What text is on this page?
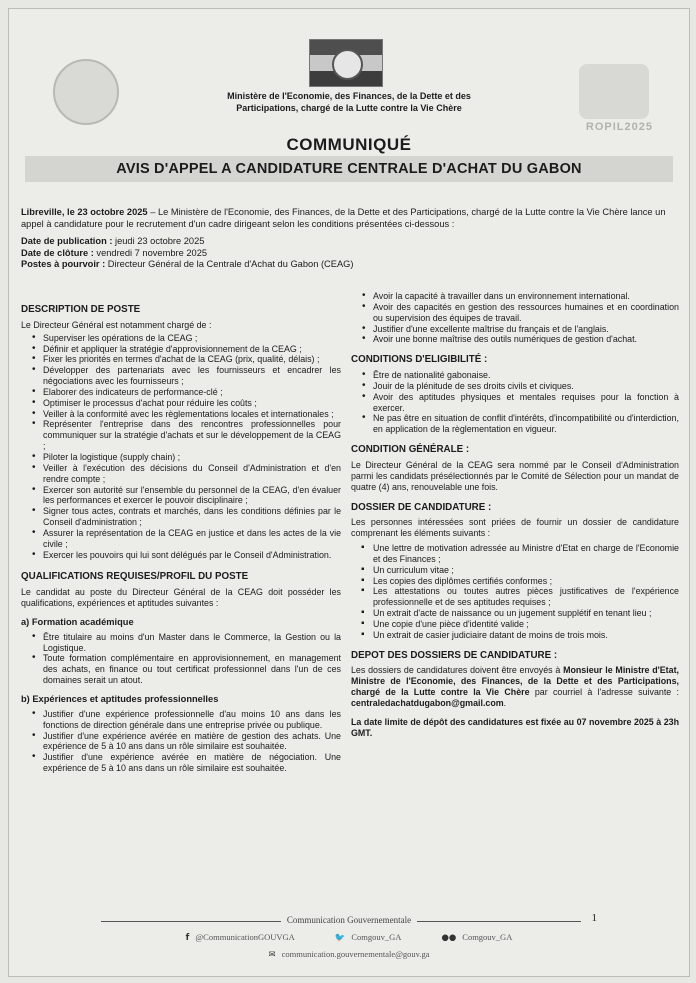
ROPIL2025
Ministère de l'Economie, des Finances, de la Dette et des
Participations, chargé de la Lutte contre la Vie Chère
COMMUNIQUÉ
AVIS D'APPEL A CANDIDATURE CENTRALE D'ACHAT DU GABON

Libreville, le 23 octobre 2025 – Le Ministère de l'Economie, des Finances, de la Dette et des Participations, chargé de la Lutte contre la Vie Chère lance un appel à candidature pour le recrutement d'un cadre dirigeant selon les conditions présentées ci-dessous :

Date de publication : jeudi 23 octobre 2025

Date de clôture : vendredi 7 novembre 2025

Postes à pourvoir : Directeur Général de la Centrale d'Achat du Gabon (CEAG)

DESCRIPTION DE POSTE

Le Directeur Général est notamment chargé de :

• Superviser les opérations de la CEAG ;
• Définir et appliquer la stratégie d'approvisionnement de la CEAG ;
• Fixer les priorités en termes d'achat de la CEAG (prix, qualité, délais) ;
• Développer des partenariats avec les fournisseurs et encadrer les négociations avec les fournisseurs ;
• Elaborer des indicateurs de performance-clé ;
• Optimiser le processus d'achat pour réduire les coûts ;
• Veiller à la conformité avec les règlementations locales et internationales ;
• Représenter l'entreprise dans des rencontres professionnelles pour communiquer sur la stratégie d'achats et sur le développement de la CEAG ;
• Piloter la logistique (supply chain) ;
• Veiller à l'exécution des décisions du Conseil d'Administration et d'en rendre compte ;
• Exercer son autorité sur l'ensemble du personnel de la CEAG, d'en évaluer les performances et exercer le pouvoir disciplinaire ;
• Signer tous actes, contrats et marchés, dans les conditions définies par le Conseil d'administration ;
• Assurer la représentation de la CEAG en justice et dans les actes de la vie civile ;
• Exercer les pouvoirs qui lui sont délégués par le Conseil d'Administration.
QUALIFICATIONS REQUISES/PROFIL DU POSTE

Le candidat au poste du Directeur Général de la CEAG doit posséder les qualifications, expériences et aptitudes suivantes :

a) Formation académique
• Être titulaire au moins d'un Master dans le Commerce, la Gestion ou la Logistique.
• Toute formation complémentaire en approvisionnement, en management des achats, en finance ou tout certificat professionnel dans l'un de ces domaines serait un atout.
b) Expériences et aptitudes professionnelles
• Justifier d'une expérience professionnelle d'au moins 10 ans dans les fonctions de direction générale dans une entreprise privée ou publique.
• Justifier d'une expérience avérée en matière de gestion des achats. Une expérience de 5 à 10 ans dans un rôle similaire est souhaitée.
• Justifier d'une expérience avérée en matière de négociation. Une expérience de 5 à 10 ans dans un rôle similaire est souhaitée.
• Avoir la capacité à travailler dans un environnement international.
• Avoir des capacités en gestion des ressources humaines et en coordination ou supervision des équipes de travail.
• Justifier d'une excellente maîtrise du français et de l'anglais.
• Avoir une bonne maîtrise des outils numériques de gestion d'achat.
CONDITIONS D'ELIGIBILITÉ :
• Être de nationalité gabonaise.
• Jouir de la plénitude de ses droits civils et civiques.
• Avoir des aptitudes physiques et mentales requises pour la fonction à exercer.
• Ne pas être en situation de conflit d'intérêts, d'incompatibilité ou d'interdiction, en application de la règlementation en vigueur.
CONDITION GÉNÉRALE :

Le Directeur Général de la CEAG sera nommé par le Conseil d'Administration parmi les candidats présélectionnés par le Comité de Sélection pour un mandat de quatre (4) ans, renouvelable une fois.

DOSSIER DE CANDIDATURE :

Les personnes intéressées sont priées de fournir un dossier de candidature comprenant les éléments suivants :

▪ Une lettre de motivation adressée au Ministre d'Etat en charge de l'Economie et des Finances ;
▪ Un curriculum vitae ;
▪ Les copies des diplômes certifiés conformes ;
▪ Les attestations ou toutes autres pièces justificatives de l'expérience professionnelle et de ses aptitudes requises ;
▪ Un extrait d'acte de naissance ou un jugement supplétif en tenant lieu ;
▪ Une copie d'une pièce d'identité valide ;
▪ Un extrait de casier judiciaire datant de moins de trois mois.
DEPOT DES DOSSIERS DE CANDIDATURE :

Les dossiers de candidatures doivent être envoyés à Monsieur le Ministre d'Etat, Ministre de l'Economie, des Finances, de la Dette et des Participations, chargé de la Lutte contre la Vie Chère par courriel à l'adresse suivante : centraledachatdugabon@gmail.com.

La date limite de dépôt des candidatures est fixée au 07 novembre 2025 à 23h GMT.

Communication Gouvernementale	1
f @CommunicationGOUVGA	🐦 Comgouv_GA	●● Comgouv_GA
✉ communication.gouvernementale@gouv.ga
